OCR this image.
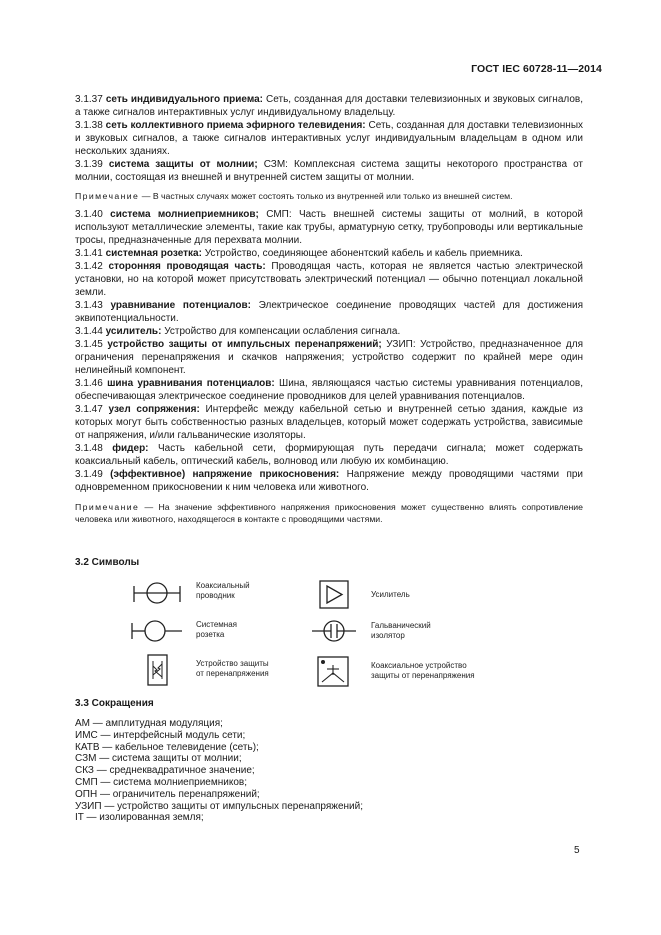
ГОСТ IEC 60728-11—2014

3.1.37 сеть индивидуального приема: Сеть, созданная для доставки телевизионных и звуковых сигналов, а также сигналов интерактивных услуг индивидуальному владельцу.

3.1.38 сеть коллективного приема эфирного телевидения: Сеть, созданная для доставки телевизионных и звуковых сигналов, а также сигналов интерактивных услуг индивидуальным владельцам в одном или нескольких зданиях.

3.1.39 система защиты от молнии; СЗМ: Комплексная система защиты некоторого пространства от молнии, состоящая из внешней и внутренней систем защиты от молнии.

Примечание — В частных случаях может состоять только из внутренней или только из внешней систем.

3.1.40 система молниеприемников; СМП: Часть внешней системы защиты от молний, в которой используют металлические элементы, такие как трубы, арматурную сетку, трубопроводы или вертикальные тросы, предназначенные для перехвата молнии.

3.1.41 системная розетка: Устройство, соединяющее абонентский кабель и кабель приемника.

3.1.42 сторонняя проводящая часть: Проводящая часть, которая не является частью электрической установки, но на которой может присутствовать электрический потенциал — обычно потенциал локальной земли.

3.1.43 уравнивание потенциалов: Электрическое соединение проводящих частей для достижения эквипотенциальности.

3.1.44 усилитель: Устройство для компенсации ослабления сигнала.

3.1.45 устройство защиты от импульсных перенапряжений; УЗИП: Устройство, предназначенное для ограничения перенапряжения и скачков напряжения; устройство содержит по крайней мере один нелинейный компонент.

3.1.46 шина уравнивания потенциалов: Шина, являющаяся частью системы уравнивания потенциалов, обеспечивающая электрическое соединение проводников для целей уравнивания потенциалов.

3.1.47 узел сопряжения: Интерфейс между кабельной сетью и внутренней сетью здания, каждые из которых могут быть собственностью разных владельцев, который может содержать устройства, зависимые от напряжения, и/или гальванические изоляторы.

3.1.48 фидер: Часть кабельной сети, формирующая путь передачи сигнала; может содержать коаксиальный кабель, оптический кабель, волновод или любую их комбинацию.

3.1.49 (эффективное) напряжение прикосновения: Напряжение между проводящими частями при одновременном прикосновении к ним человека или животного.

Примечание — На значение эффективного напряжения прикосновения может существенно влиять сопротивление человека или животного, находящегося в контакте с проводящими частями.

3.2 Символы
Коаксиальный
проводник	Усилитель
Системная
розетка
Гальванический
изолятор
Устройство защиты
от перенапряжения
Коаксиальное устройство
защиты от перенапряжения
3.3 Сокращения
АМ — амплитудная модуляция;
ИМС — интерфейсный модуль сети;
КАТВ — кабельное телевидение (сеть);
СЗМ — система защиты от молнии;
СКЗ — среднеквадратичное значение;
СМП — система молниеприемников;
ОПН — ограничитель перенапряжений;
УЗИП — устройство защиты от импульсных перенапряжений;
IT — изолированная земля;
5
